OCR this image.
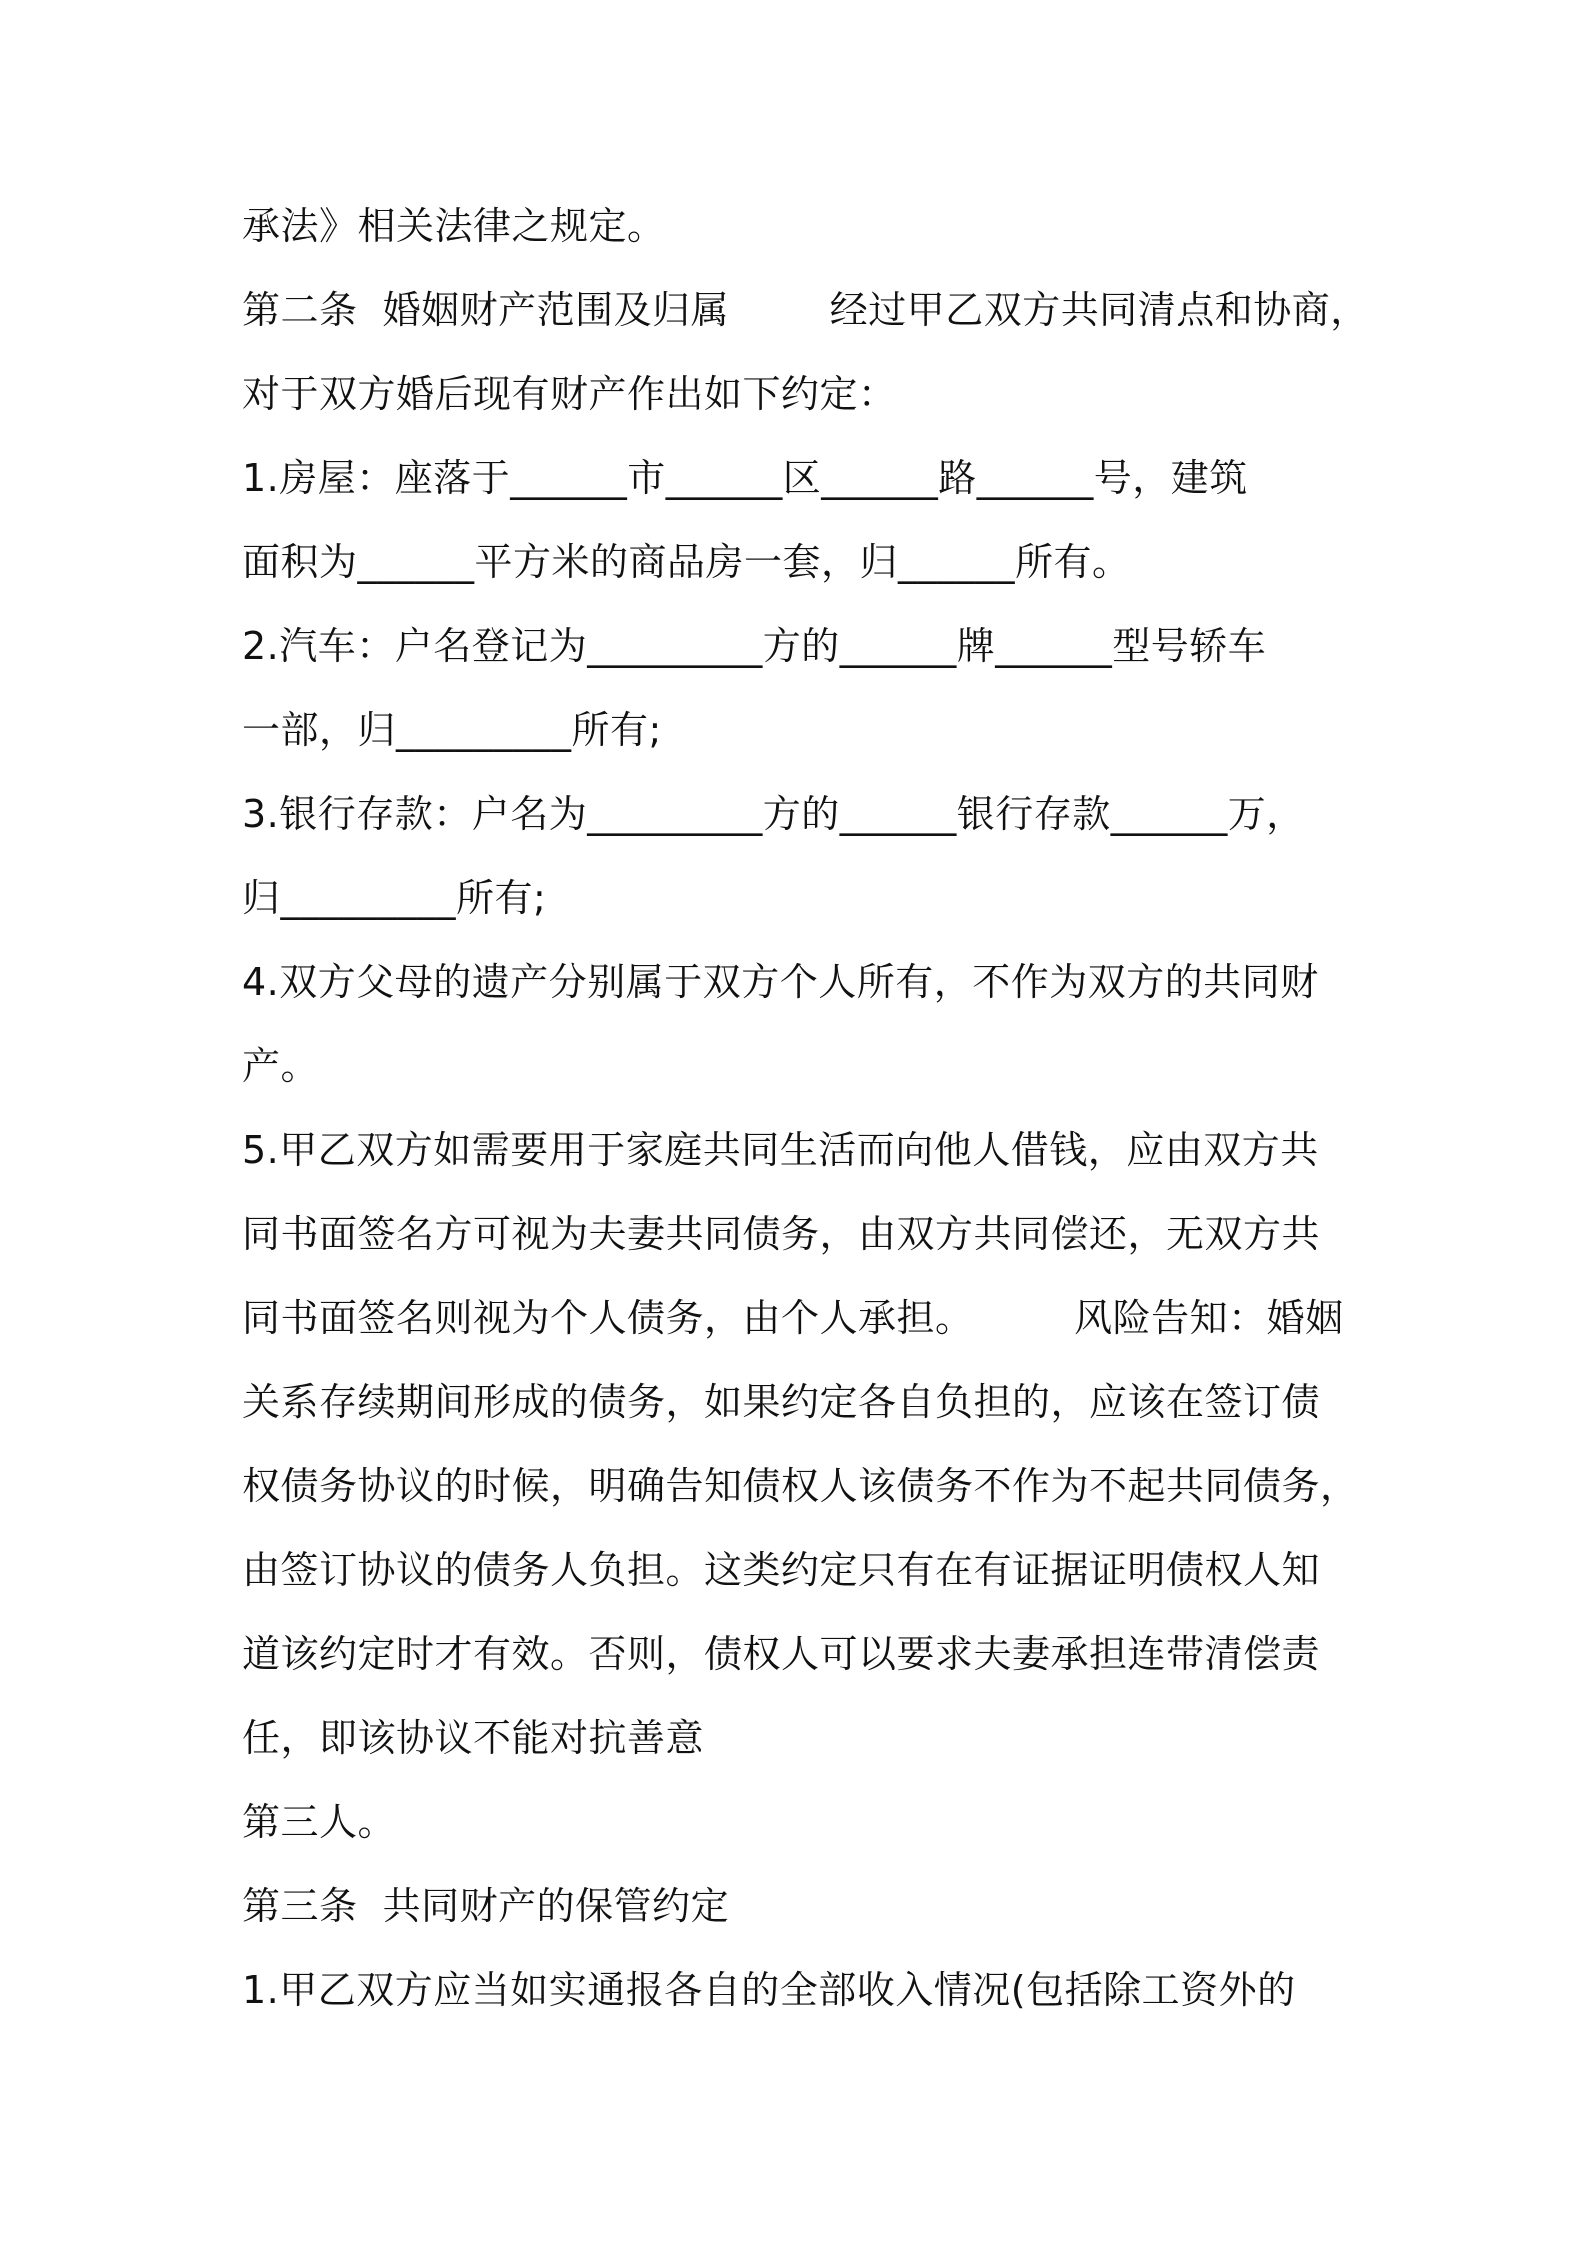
承法》相关法律之规定。
第二条  婚姻财产范围及归属        经过甲乙双方共同清点和协商，
对于双方婚后现有财产作出如下约定：
1.房屋：座落于______市______区______路______号，建筑
面积为______平方米的商品房一套，归______所有。
2.汽车：户名登记为_________方的______牌______型号轿车
一部，归_________所有;
3.银行存款：户名为_________方的______银行存款______万，
归_________所有;
4.双方父母的遗产分别属于双方个人所有，不作为双方的共同财
产。
5.甲乙双方如需要用于家庭共同生活而向他人借钱，应由双方共
同书面签名方可视为夫妻共同债务，由双方共同偿还，无双方共
同书面签名则视为个人债务，由个人承担。        风险告知：婚姻
关系存续期间形成的债务，如果约定各自负担的，应该在签订债
权债务协议的时候，明确告知债权人该债务不作为不起共同债务，
由签订协议的债务人负担。这类约定只有在有证据证明债权人知
道该约定时才有效。否则，债权人可以要求夫妻承担连带清偿责
任，即该协议不能对抗善意
第三人。
第三条  共同财产的保管约定
1.甲乙双方应当如实通报各自的全部收入情况(包括除工资外的
